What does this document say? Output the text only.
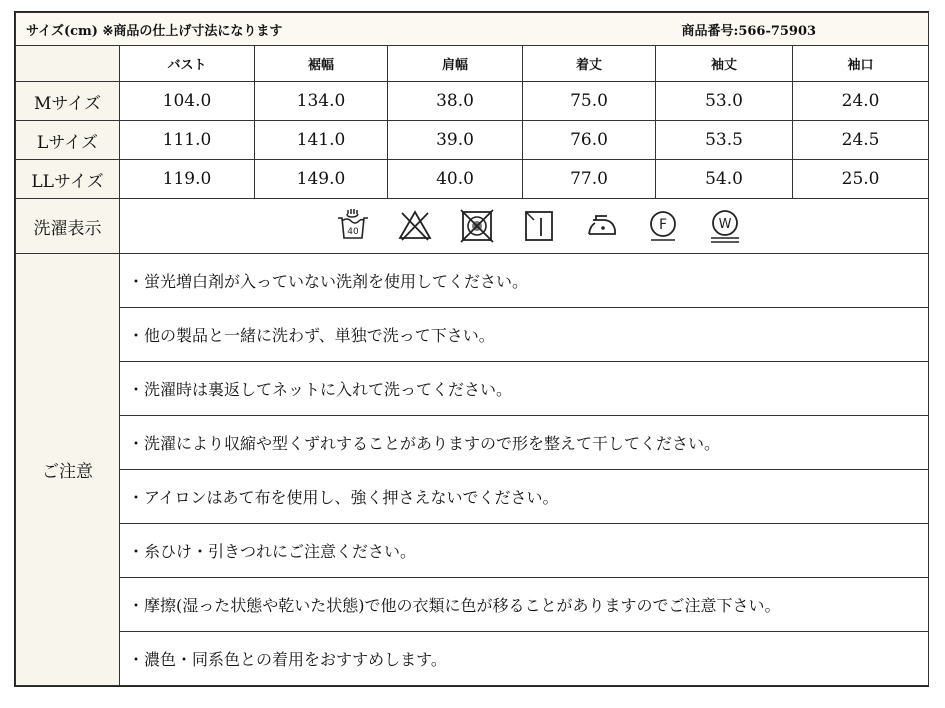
サイズ(cm) ※商品の仕上げ寸法になります				商品番号:566-75903		
	バスト	裾幅	肩幅	着丈	袖丈	袖口
Mサイズ	104.0	134.0	38.0	75.0	53.0	24.0
Lサイズ	111.0	141.0	39.0	76.0	53.5	24.5
LLサイズ	119.0	149.0	40.0	77.0	54.0	25.0
洗濯表示	40 F W					

ご注意	・蛍光増白剤が入っていない洗剤を使用してください。					
	・他の製品と一緒に洗わず、単独で洗って下さい。					
	・洗濯時は裏返してネットに入れて洗ってください。					
	・洗濯により収縮や型くずれすることがありますので形を整えて干してください。					
	・アイロンはあて布を使用し、強く押さえないでください。					
	・糸ひけ・引きつれにご注意ください。					
	・摩擦(湿った状態や乾いた状態)で他の衣類に色が移ることがありますのでご注意下さい。					
	・濃色・同系色との着用をおすすめします。					
